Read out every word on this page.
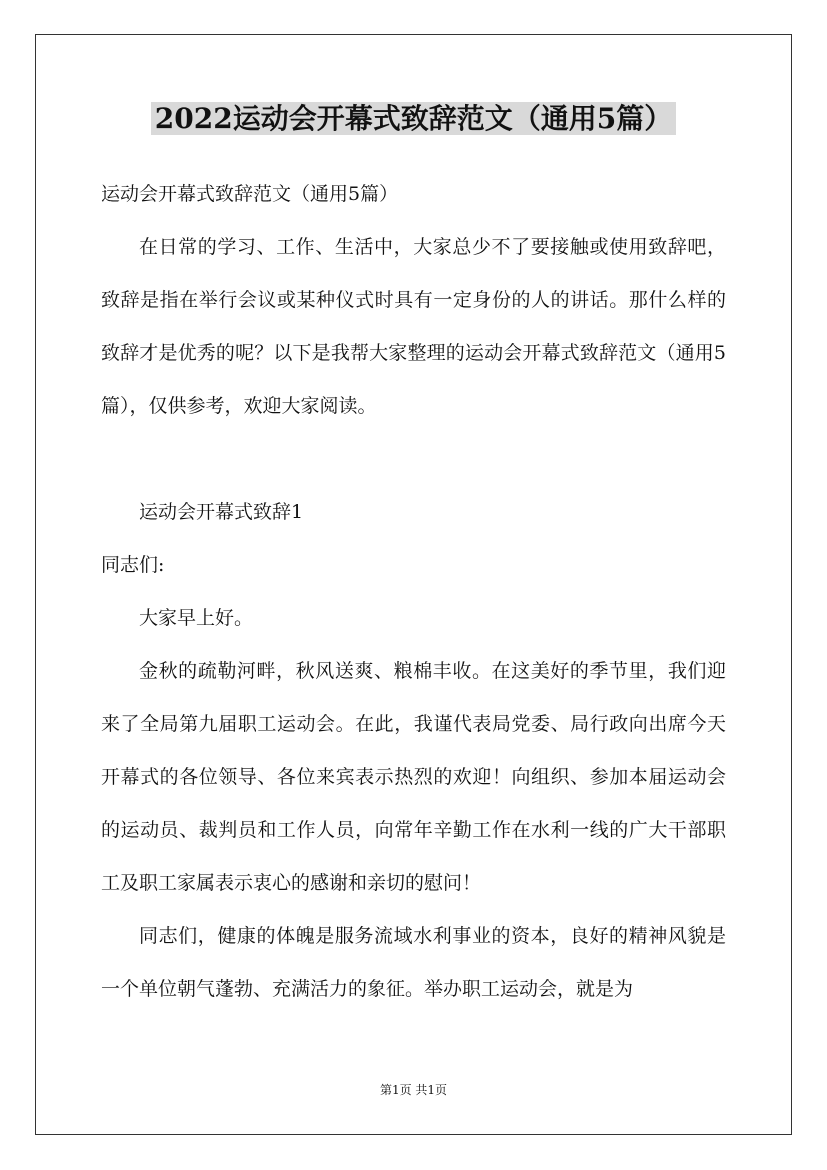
2022运动会开幕式致辞范文（通用5篇）

运动会开幕式致辞范文（通用5篇）

在日常的学习、工作、生活中，大家总少不了要接触或使用致辞吧，致辞是指在举行会议或某种仪式时具有一定身份的人的讲话。那什么样的致辞才是优秀的呢？以下是我帮大家整理的运动会开幕式致辞范文（通用5篇），仅供参考，欢迎大家阅读。

运动会开幕式致辞1

同志们:

大家早上好。

金秋的疏勒河畔，秋风送爽、粮棉丰收。在这美好的季节里，我们迎来了全局第九届职工运动会。在此，我谨代表局党委、局行政向出席今天开幕式的各位领导、各位来宾表示热烈的欢迎！向组织、参加本届运动会的运动员、裁判员和工作人员，向常年辛勤工作在水利一线的广大干部职工及职工家属表示衷心的感谢和亲切的慰问！

同志们，健康的体魄是服务流域水利事业的资本，良好的精神风貌是一个单位朝气蓬勃、充满活力的象征。举办职工运动会，就是为

第1页 共1页
